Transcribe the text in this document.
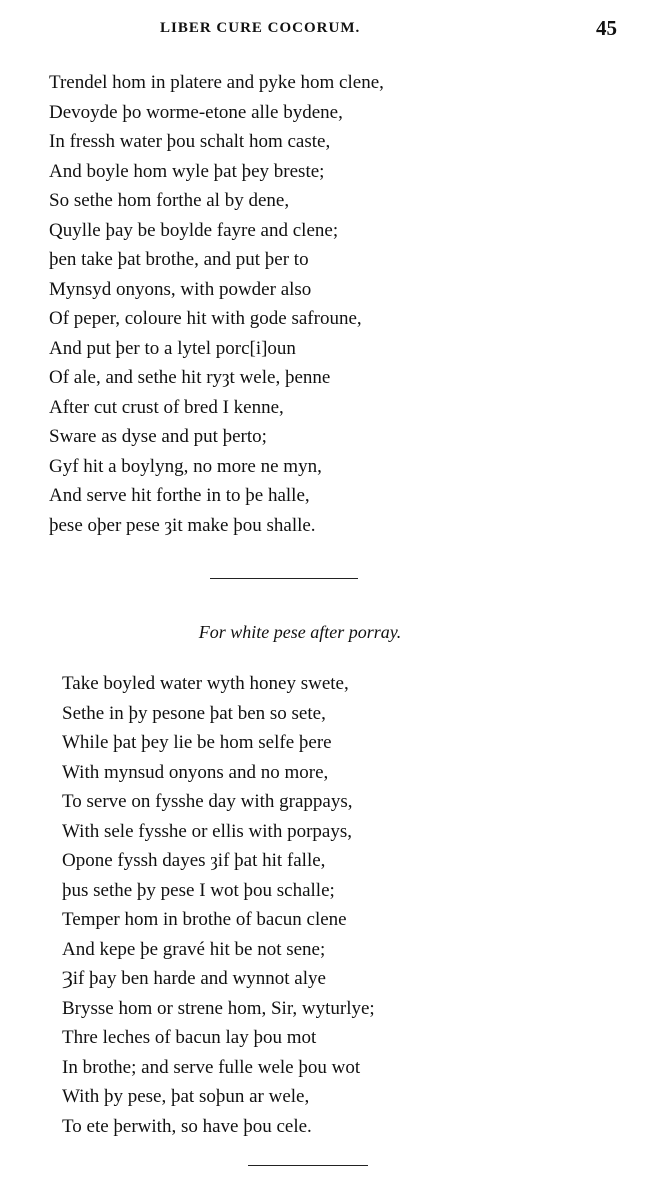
LIBER CURE COCORUM.	45
Trendel hom in platere and pyke hom clene,
Devoyde þo worme-etone alle bydene,
In fressh water þou schalt hom caste,
And boyle hom wyle þat þey breste;
So sethe hom forthe al by dene,
Quylle þay be boylde fayre and clene;
þen take þat brothe, and put þer to
Mynsyd onyons, with powder also
Of peper, coloure hit with gode safroune,
And put þer to a lytel porc[i]oun
Of ale, and sethe hit ryȝt wele, þenne
After cut crust of bred I kenne,
Sware as dyse and put þerto;
Gyf hit a boylyng, no more ne myn,
And serve hit forthe in to þe halle,
þese oþer pese ȝit make þou shalle.
For white pese after porray.
Take boyled water wyth honey swete,
Sethe in þy pesone þat ben so sete,
While þat þey lie be hom selfe þere
With mynsud onyons and no more,
To serve on fysshe day with grappays,
With sele fysshe or ellis with porpays,
Opone fyssh dayes ȝif þat hit falle,
þus sethe þy pese I wot þou schalle;
Temper hom in brothe of bacun clene
And kepe þe gravé hit be not sene;
Ȝif þay ben harde and wynnot alye
Brysse hom or strene hom, Sir, wyturlye;
Thre leches of bacun lay þou mot
In brothe; and serve fulle wele þou wot
With þy pese, þat soþun ar wele,
To ete þerwith, so have þou cele.
